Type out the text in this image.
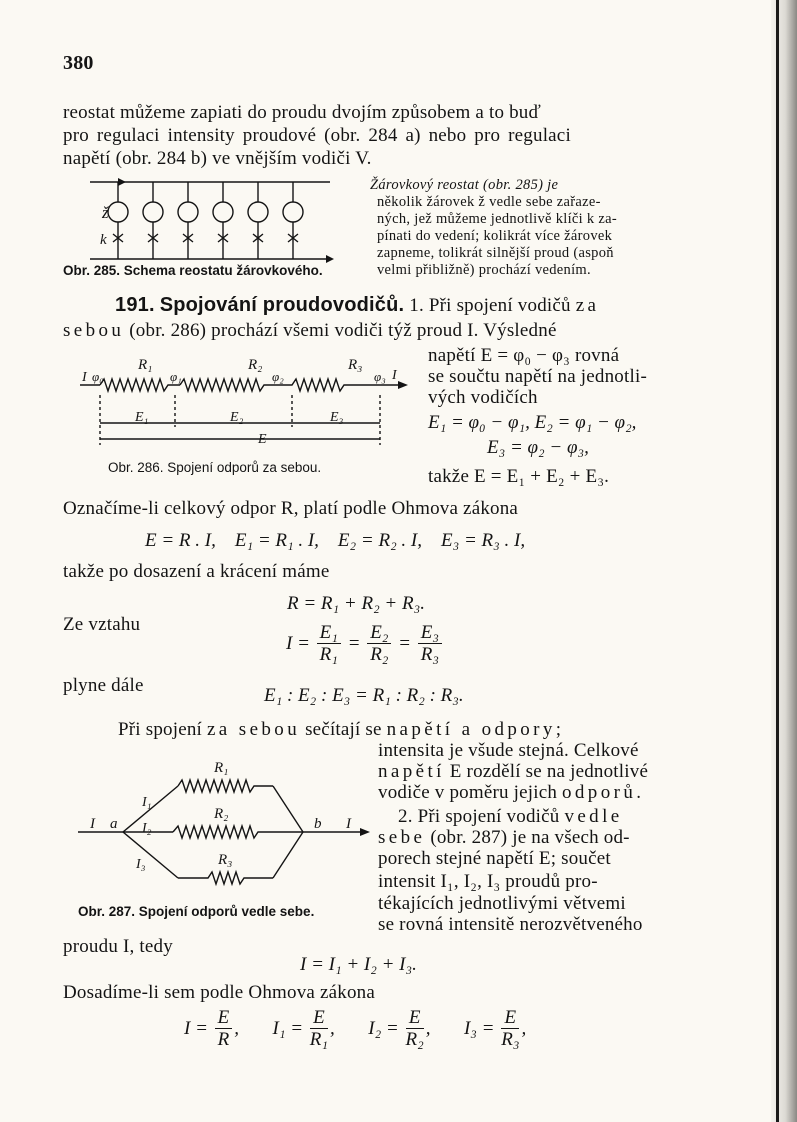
380
reostat můžeme zapiati do proudu dvojím způsobem a to buď
pro regulaci intensity proudové (obr. 284 a) nebo pro regulaci
napětí (obr. 284 b) ve vnějším vodiči V.
ž
k
Žárovkový reostat (obr. 285) je
několik žárovek ž vedle sebe zařaze-
ných, jež můžeme jednotlivě klíči k za-
pínati do vedení; kolikrát více žárovek
zapneme, tolikrát silnější proud (aspoň
velmi přibližně) prochází vedením.
Obr. 285. Schema reostatu žárovkového.
191. Spojování proudovodičů. 1. Při spojení vodičů za
sebou (obr. 286) prochází všemi vodiči týž proud I. Výsledné
R₁	R₂	R₃
I φ₀	φ₁	φ₂	φ₃ I
E₁	E₂	E₃
E
Obr. 286. Spojení odporů za sebou.
napětí E = φ₀ − φ₃ rovná
se součtu napětí na jednotli-
vých vodičích
E₁ = φ₀ − φ₁, E₂ = φ₁ − φ₂,
E₃ = φ₂ − φ₃,
takže E = E₁ + E₂ + E₃.
Označíme-li celkový odpor R, platí podle Ohmova zákona
E = R . I,    E₁ = R₁ . I,    E₂ = R₂ . I,    E₃ = R₃ . I,
takže po dosazení a krácení máme
R = R₁ + R₂ + R₃.
Ze vztahu
$I = \frac{\text{E₁}}{\text{R₁}} = \frac{\text{E₂}}{\text{R₂}} = \frac{\text{E₃}}{\text{R₃}}$
plyne dále	E₁ : E₂ : E₃ = R₁ : R₂ : R₃.
Při spojení za sebou sečítají se napětí a odpory;
intensita je všude stejná. Celkové
napětí E rozdělí se na jednotlivé
vodiče v poměru jejich odporů.
2. Při spojení vodičů vedle
sebe (obr. 287) je na všech od-
porech stejné napětí E; součet
intensit I₁, I₂, I₃ proudů pro-
tékajících jednotlivými větvemi
se rovná intensitě nerozvětveného
R₁
R₂
R₃
I₁
I₂
I₃
I a	b I
Obr. 287. Spojení odporů vedle sebe.
proudu I, tedy
I = I₁ + I₂ + I₃.
Dosadíme-li sem podle Ohmova zákona
$I = \frac{E}{R}$ , $I_1 = \frac{E}{\text{R₁}}$ , $I_2 = \frac{E}{\text{R₂}}$ , $I_3 = \frac{E}{\text{R₃}}$ ,
